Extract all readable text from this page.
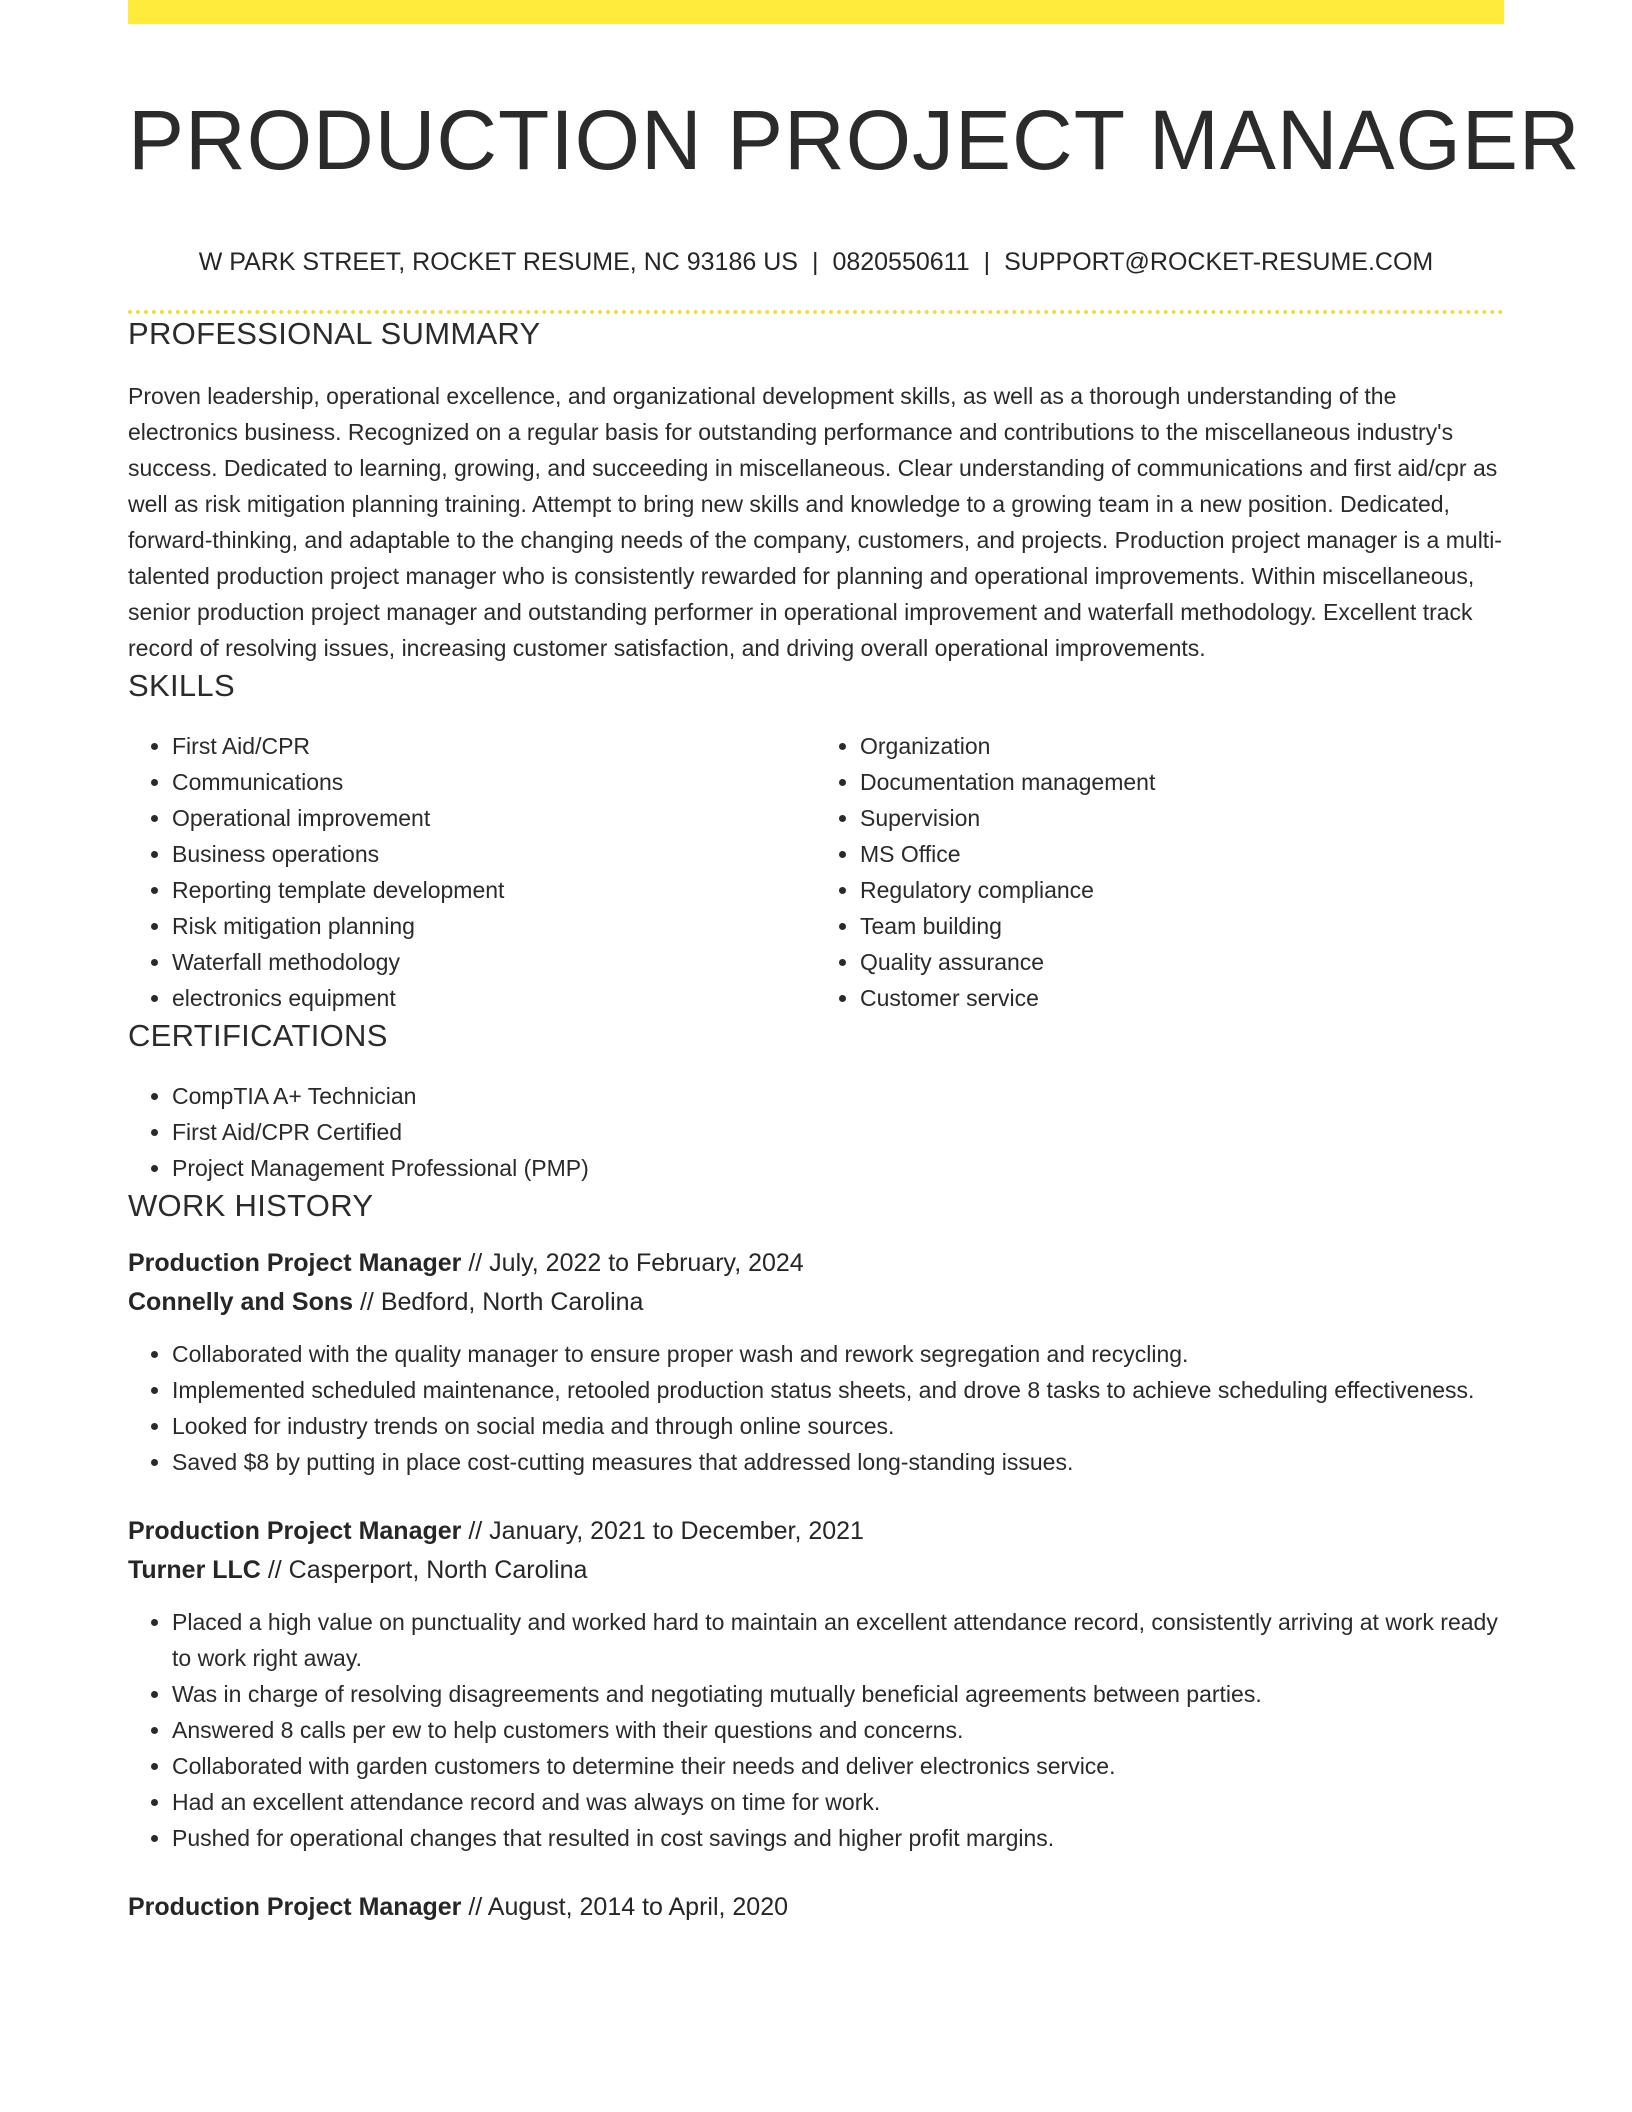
PRODUCTION PROJECT MANAGER
W PARK STREET, ROCKET RESUME, NC 93186 US | 0820550611 | SUPPORT@ROCKET-RESUME.COM
PROFESSIONAL SUMMARY

Proven leadership, operational excellence, and organizational development skills, as well as a thorough understanding of the electronics business. Recognized on a regular basis for outstanding performance and contributions to the miscellaneous industry's success. Dedicated to learning, growing, and succeeding in miscellaneous. Clear understanding of communications and first aid/cpr as well as risk mitigation planning training. Attempt to bring new skills and knowledge to a growing team in a new position. Dedicated, forward-thinking, and adaptable to the changing needs of the company, customers, and projects. Production project manager is a multi-talented production project manager who is consistently rewarded for planning and operational improvements. Within miscellaneous, senior production project manager and outstanding performer in operational improvement and waterfall methodology. Excellent track record of resolving issues, increasing customer satisfaction, and driving overall operational improvements.

SKILLS
• First Aid/CPR
• Communications
• Operational improvement
• Business operations
• Reporting template development
• Risk mitigation planning
• Waterfall methodology
• electronics equipment
• Organization
• Documentation management
• Supervision
• MS Office
• Regulatory compliance
• Team building
• Quality assurance
• Customer service
CERTIFICATIONS
• CompTIA A+ Technician
• First Aid/CPR Certified
• Project Management Professional (PMP)
WORK HISTORY
Production Project Manager // July, 2022 to February, 2024
Connelly and Sons // Bedford, North Carolina
• Collaborated with the quality manager to ensure proper wash and rework segregation and recycling.
• Implemented scheduled maintenance, retooled production status sheets, and drove 8 tasks to achieve scheduling effectiveness.
• Looked for industry trends on social media and through online sources.
• Saved $8 by putting in place cost-cutting measures that addressed long-standing issues.
Production Project Manager // January, 2021 to December, 2021
Turner LLC // Casperport, North Carolina
• Placed a high value on punctuality and worked hard to maintain an excellent attendance record, consistently arriving at work ready to work right away.
• Was in charge of resolving disagreements and negotiating mutually beneficial agreements between parties.
• Answered 8 calls per ew to help customers with their questions and concerns.
• Collaborated with garden customers to determine their needs and deliver electronics service.
• Had an excellent attendance record and was always on time for work.
• Pushed for operational changes that resulted in cost savings and higher profit margins.
Production Project Manager // August, 2014 to April, 2020
